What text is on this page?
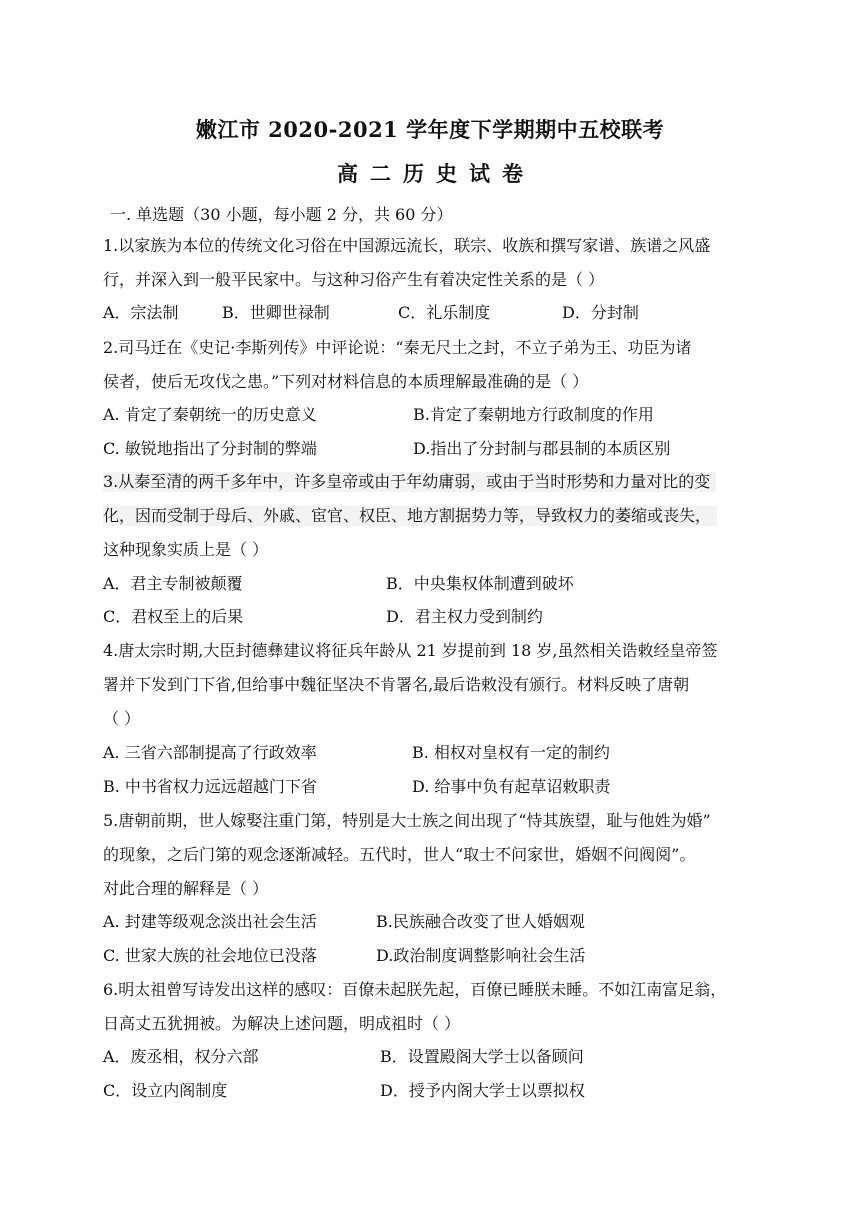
嫩江市 2020-2021 学年度下学期期中五校联考
高二历史试卷
一. 单选题（30 小题，每小题 2 分，共 60 分）
1.以家族为本位的传统文化习俗在中国源远流长，联宗、收族和撰写家谱、族谱之风盛
行，并深入到一般平民家中。与这种习俗产生有着决定性关系的是（ ）
A．宗法制	B．世卿世禄制	C．礼乐制度	D．分封制
2.司马迁在《史记·李斯列传》中评论说：“秦无尺土之封，不立子弟为王、功臣为诸
侯者，使后无攻伐之患。”下列对材料信息的本质理解最准确的是（ ）
A. 肯定了秦朝统一的历史意义	B.肯定了秦朝地方行政制度的作用
C. 敏锐地指出了分封制的弊端	D.指出了分封制与郡县制的本质区别
3.从秦至清的两千多年中，许多皇帝或由于年幼庸弱，或由于当时形势和力量对比的变
化，因而受制于母后、外戚、宦官、权臣、地方割据势力等，导致权力的萎缩或丧失，
这种现象实质上是（ ）
A．君主专制被颠覆	B．中央集权体制遭到破坏
C．君权至上的后果	D．君主权力受到制约
4.唐太宗时期,大臣封德彝建议将征兵年龄从 21 岁提前到 18 岁,虽然相关诰敕经皇帝签
署并下发到门下省,但给事中魏征坚决不肯署名,最后诰敕没有颁行。材料反映了唐朝
（ ）
A. 三省六部制提高了行政效率	B. 相权对皇权有一定的制约
B. 中书省权力远远超越门下省	D. 给事中负有起草诏敕职责
5.唐朝前期，世人嫁娶注重门第，特别是大士族之间出现了“恃其族望，耻与他姓为婚”
的现象，之后门第的观念逐渐减轻。五代时，世人“取士不问家世，婚姻不问阀阅”。
对此合理的解释是（ ）
A. 封建等级观念淡出社会生活	B.民族融合改变了世人婚姻观
C. 世家大族的社会地位已没落	D.政治制度调整影响社会生活
6.明太祖曾写诗发出这样的感叹：百僚未起朕先起，百僚已睡朕未睡。不如江南富足翁，
日高丈五犹拥被。为解决上述问题，明成祖时（ ）
A．废丞相，权分六部	B．设置殿阁大学士以备顾问
C．设立内阁制度	D．授予内阁大学士以票拟权
